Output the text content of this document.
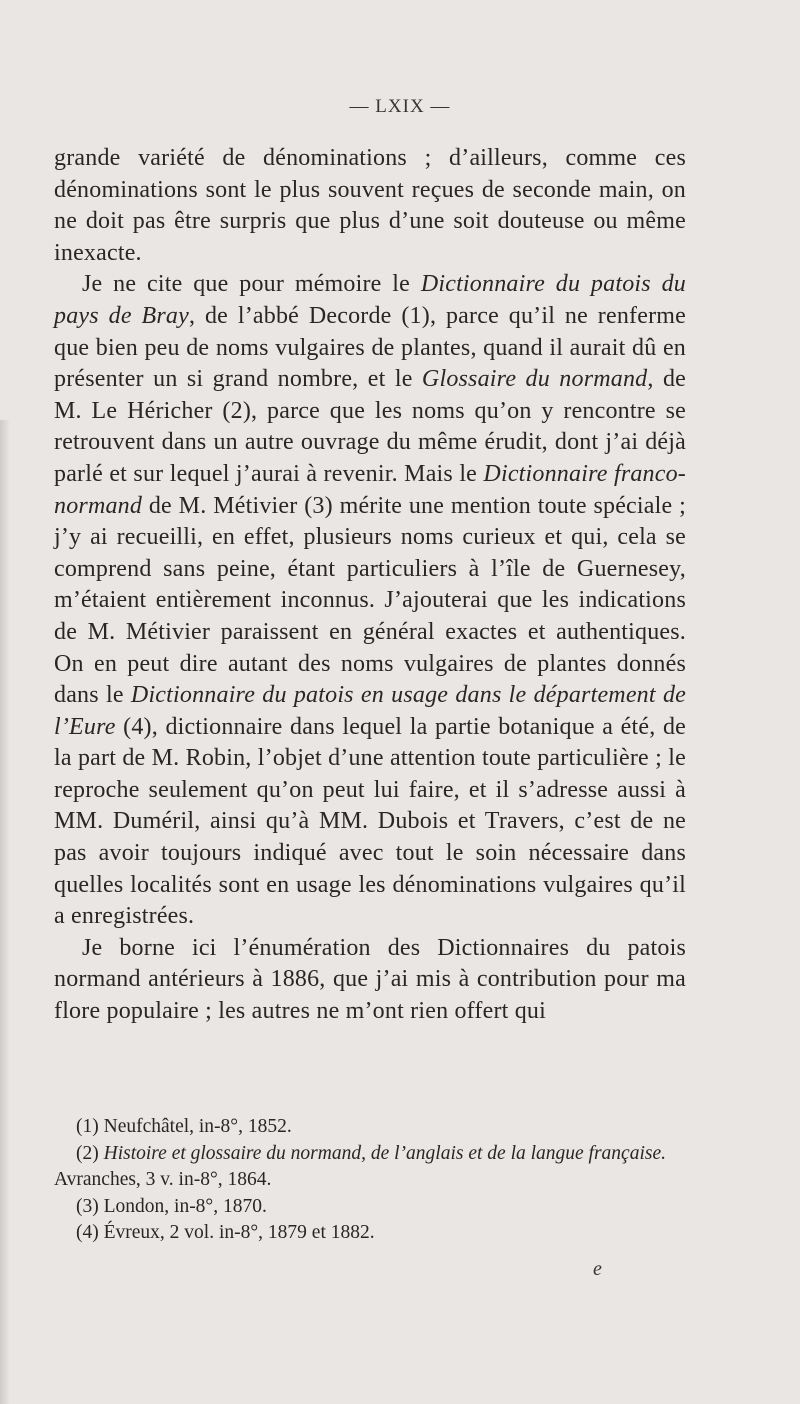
— LXIX —

grande variété de dénominations ; d’ailleurs, comme ces dénominations sont le plus souvent reçues de seconde main, on ne doit pas être surpris que plus d’une soit douteuse ou même inexacte.

Je ne cite que pour mémoire le Dictionnaire du patois du pays de Bray, de l’abbé Decorde (1), parce qu’il ne renferme que bien peu de noms vulgaires de plantes, quand il aurait dû en présenter un si grand nombre, et le Glossaire du normand, de M. Le Héricher (2), parce que les noms qu’on y rencontre se retrouvent dans un autre ouvrage du même érudit, dont j’ai déjà parlé et sur lequel j’aurai à revenir. Mais le Dictionnaire franco-normand de M. Métivier (3) mérite une mention toute spéciale ; j’y ai recueilli, en effet, plusieurs noms curieux et qui, cela se comprend sans peine, étant particuliers à l’île de Guernesey, m’étaient entièrement inconnus. J’ajouterai que les indications de M. Métivier paraissent en général exactes et authentiques. On en peut dire autant des noms vulgaires de plantes donnés dans le Dictionnaire du patois en usage dans le département de l’Eure (4), dictionnaire dans lequel la partie botanique a été, de la part de M. Robin, l’objet d’une attention toute particulière ; le reproche seulement qu’on peut lui faire, et il s’adresse aussi à MM. Duméril, ainsi qu’à MM. Dubois et Travers, c’est de ne pas avoir toujours indiqué avec tout le soin nécessaire dans quelles localités sont en usage les dénominations vulgaires qu’il a enregistrées.

Je borne ici l’énumération des Dictionnaires du patois normand antérieurs à 1886, que j’ai mis à contribution pour ma flore populaire ; les autres ne m’ont rien offert qui

(1) Neufchâtel, in-8°, 1852.

(2) Histoire et glossaire du normand, de l’anglais et de la langue française. Avranches, 3 v. in-8°, 1864.

(3) London, in-8°, 1870.

(4) Évreux, 2 vol. in-8°, 1879 et 1882.

e
